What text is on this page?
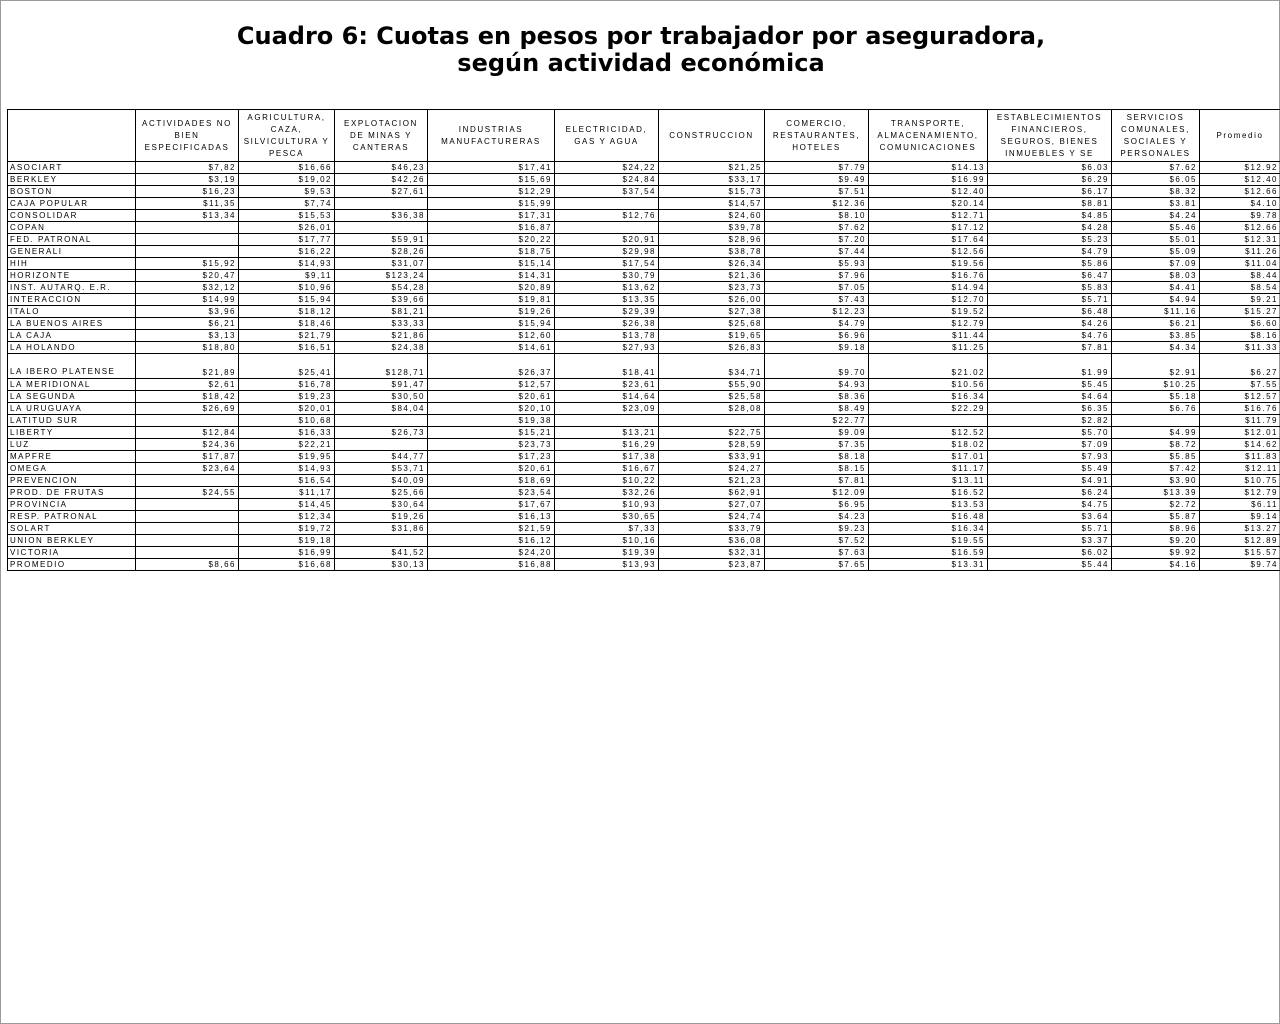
Cuadro 6: Cuotas en pesos por trabajador por aseguradora,
según actividad económica
	ACTIVIDADES NO BIEN ESPECIFICADAS	AGRICULTURA, CAZA, SILVICULTURA Y PESCA	EXPLOTACION DE MINAS Y CANTERAS	INDUSTRIAS MANUFACTURERAS	ELECTRICIDAD, GAS Y AGUA	CONSTRUCCION	COMERCIO, RESTAURANTES, HOTELES	TRANSPORTE, ALMACENAMIENTO, COMUNICACIONES	ESTABLECIMIENTOS FINANCIEROS, SEGUROS, BIENES INMUEBLES Y SE	SERVICIOS COMUNALES, SOCIALES Y PERSONALES	Promedio
ASOCIART	$7,82	$16,66	$46,23	$17,41	$24,22	$21,25	$7.79	$14.13	$6.03	$7.62	$12.92
BERKLEY	$3,19	$19,02	$42,26	$15,69	$24,84	$33,17	$9.49	$16.99	$6.29	$6.05	$12.40
BOSTON	$16,23	$9,53	$27,61	$12,29	$37,54	$15,73	$7.51	$12.40	$6.17	$8.32	$12.66
CAJA POPULAR	$11,35	$7,74		$15,99		$14,57	$12.36	$20.14	$8.81	$3.81	$4.10
CONSOLIDAR	$13,34	$15,53	$36,38	$17,31	$12,76	$24,60	$8.10	$12.71	$4.85	$4.24	$9.78
COPAN		$26,01		$16,87		$39,78	$7.62	$17.12	$4.28	$5.46	$12.66
FED. PATRONAL		$17,77	$59,91	$20,22	$20,91	$28,96	$7.20	$17.64	$5.23	$5.01	$12.31
GENERALI		$16,22	$28,26	$18,75	$29,98	$38,78	$7.44	$12.56	$4.79	$5.09	$11.26
HIH	$15,92	$14,93	$31,07	$15,14	$17,54	$26,34	$5.93	$19.56	$5.86	$7.09	$11.04
HORIZONTE	$20,47	$9,11	$123,24	$14,31	$30,79	$21,36	$7.96	$16.76	$6.47	$8.03	$8.44
INST. AUTARQ. E.R.	$32,12	$10,96	$54,28	$20,89	$13,62	$23,73	$7.05	$14.94	$5.83	$4.41	$8.54
INTERACCION	$14,99	$15,94	$39,66	$19,81	$13,35	$26,00	$7.43	$12.70	$5.71	$4.94	$9.21
ITALO	$3,96	$18,12	$81,21	$19,26	$29,39	$27,38	$12.23	$19.52	$6.48	$11.16	$15.27
LA BUENOS AIRES	$6,21	$18,46	$33,33	$15,94	$26,38	$25,68	$4.79	$12.79	$4.26	$6.21	$6.60
LA CAJA	$3,13	$21,79	$21,86	$12,60	$13,78	$19,65	$6.96	$11.44	$4.76	$3.85	$8.16
LA HOLANDO	$18,80	$16,51	$24,38	$14,61	$27,93	$26,83	$9.18	$11.25	$7.81	$4.34	$11.33
LA IBERO PLATENSE	$21,89	$25,41	$128,71	$26,37	$18,41	$34,71	$9.70	$21.02	$1.99	$2.91	$6.27
LA MERIDIONAL	$2,61	$16,78	$91,47	$12,57	$23,61	$55,90	$4.93	$10.56	$5.45	$10.25	$7.55
LA SEGUNDA	$18,42	$19,23	$30,50	$20,61	$14,64	$25,58	$8.36	$16.34	$4.64	$5.18	$12.57
LA URUGUAYA	$26,69	$20,01	$84,04	$20,10	$23,09	$28,08	$8.49	$22.29	$6.35	$6.76	$16.76
LATITUD SUR		$10,68		$19,38			$22.77		$2.82		$11.79
LIBERTY	$12,84	$16,33	$26,73	$15,21	$13,21	$22,75	$9.09	$12.52	$5.70	$4.99	$12.01
LUZ	$24,36	$22,21		$23,73	$16,29	$28,59	$7.35	$18.02	$7.09	$8.72	$14.62
MAPFRE	$17,87	$19,95	$44,77	$17,23	$17,38	$33,91	$8.18	$17.01	$7.93	$5.85	$11.83
OMEGA	$23,64	$14,93	$53,71	$20,61	$16,67	$24,27	$8.15	$11.17	$5.49	$7.42	$12.11
PREVENCION		$16,54	$40,09	$18,69	$10,22	$21,23	$7.81	$13.11	$4.91	$3.90	$10.75
PROD. DE FRUTAS	$24,55	$11,17	$25,66	$23,54	$32,26	$62,91	$12.09	$16.52	$6.24	$13.39	$12.79
PROVINCIA		$14,45	$30,64	$17,67	$10,93	$27,07	$6.95	$13.53	$4.75	$2.72	$6.11
RESP. PATRONAL		$12,34	$19,26	$16,13	$30,65	$24,74	$4.23	$16.48	$3.64	$5.87	$9.14
SOLART		$19,72	$31,86	$21,59	$7,33	$33,79	$9.23	$16.34	$5.71	$8.96	$13.27
UNION BERKLEY		$19,18		$16,12	$10,16	$36,08	$7.52	$19.55	$3.37	$9.20	$12.89
VICTORIA		$16,99	$41,52	$24,20	$19,39	$32,31	$7.63	$16.59	$6.02	$9.92	$15.57
PROMEDIO	$8,66	$16,68	$30,13	$16,88	$13,93	$23,87	$7.65	$13.31	$5.44	$4.16	$9.74
